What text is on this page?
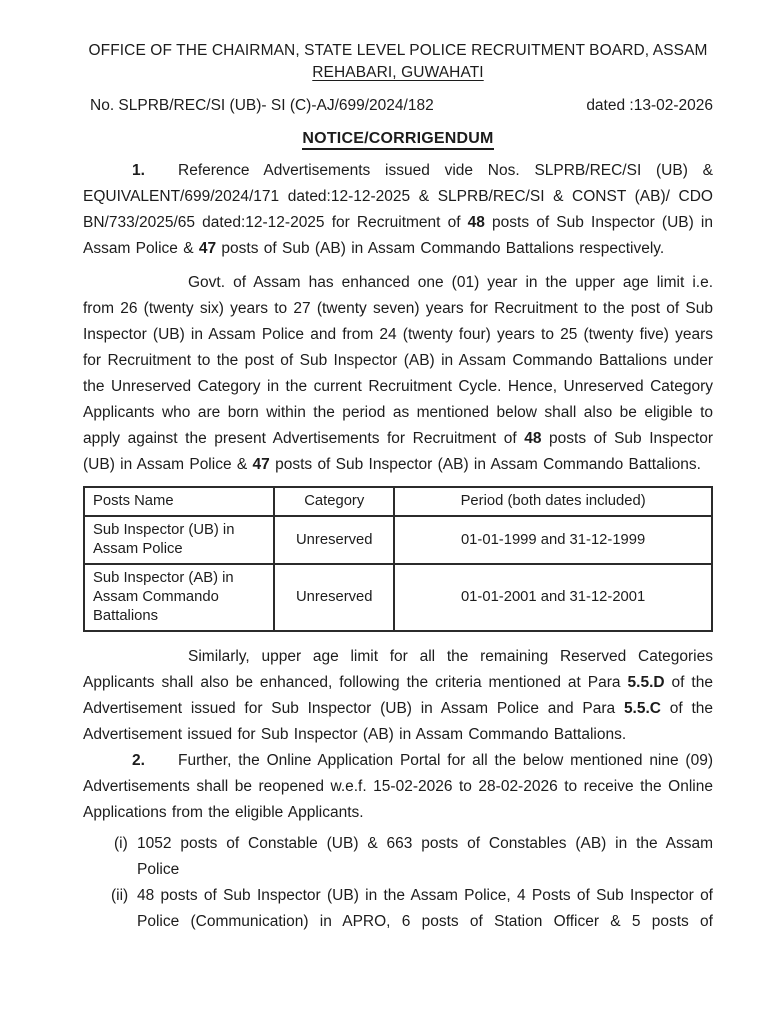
OFFICE OF THE CHAIRMAN, STATE LEVEL POLICE RECRUITMENT BOARD, ASSAM
REHABARI, GUWAHATI
No. SLPRB/REC/SI (UB)- SI (C)-AJ/699/2024/182	dated :13-02-2026
NOTICE/CORRIGENDUM

1. Reference Advertisements issued vide Nos. SLPRB/REC/SI (UB) & EQUIVALENT/699/2024/171 dated:12-12-2025 & SLPRB/REC/SI & CONST (AB)/ CDO BN/733/2025/65 dated:12-12-2025 for Recruitment of 48 posts of Sub Inspector (UB) in Assam Police & 47 posts of Sub (AB) in Assam Commando Battalions respectively.

Govt. of Assam has enhanced one (01) year in the upper age limit i.e. from 26 (twenty six) years to 27 (twenty seven) years for Recruitment to the post of Sub Inspector (UB) in Assam Police and from 24 (twenty four) years to 25 (twenty five) years for Recruitment to the post of Sub Inspector (AB) in Assam Commando Battalions under the Unreserved Category in the current Recruitment Cycle. Hence, Unreserved Category Applicants who are born within the period as mentioned below shall also be eligible to apply against the present Advertisements for Recruitment of 48 posts of Sub Inspector (UB) in Assam Police & 47 posts of Sub Inspector (AB) in Assam Commando Battalions.

Posts Name	Category	Period (both dates included)
Sub Inspector (UB) in Assam Police	Unreserved	01-01-1999 and 31-12-1999
Sub Inspector (AB) in Assam Commando Battalions	Unreserved	01-01-2001 and 31-12-2001

Similarly, upper age limit for all the remaining Reserved Categories Applicants shall also be enhanced, following the criteria mentioned at Para 5.5.D of the Advertisement issued for Sub Inspector (UB) in Assam Police and Para 5.5.C of the Advertisement issued for Sub Inspector (AB) in Assam Commando Battalions.

2. Further, the Online Application Portal for all the below mentioned nine (09) Advertisements shall be reopened w.e.f. 15-02-2026 to 28-02-2026 to receive the Online Applications from the eligible Applicants.

(i) 1052 posts of Constable (UB) & 663 posts of Constables (AB) in the Assam Police
(ii) 48 posts of Sub Inspector (UB) in the Assam Police, 4 Posts of Sub Inspector of Police (Communication) in APRO, 6 posts of Station Officer & 5 posts of
